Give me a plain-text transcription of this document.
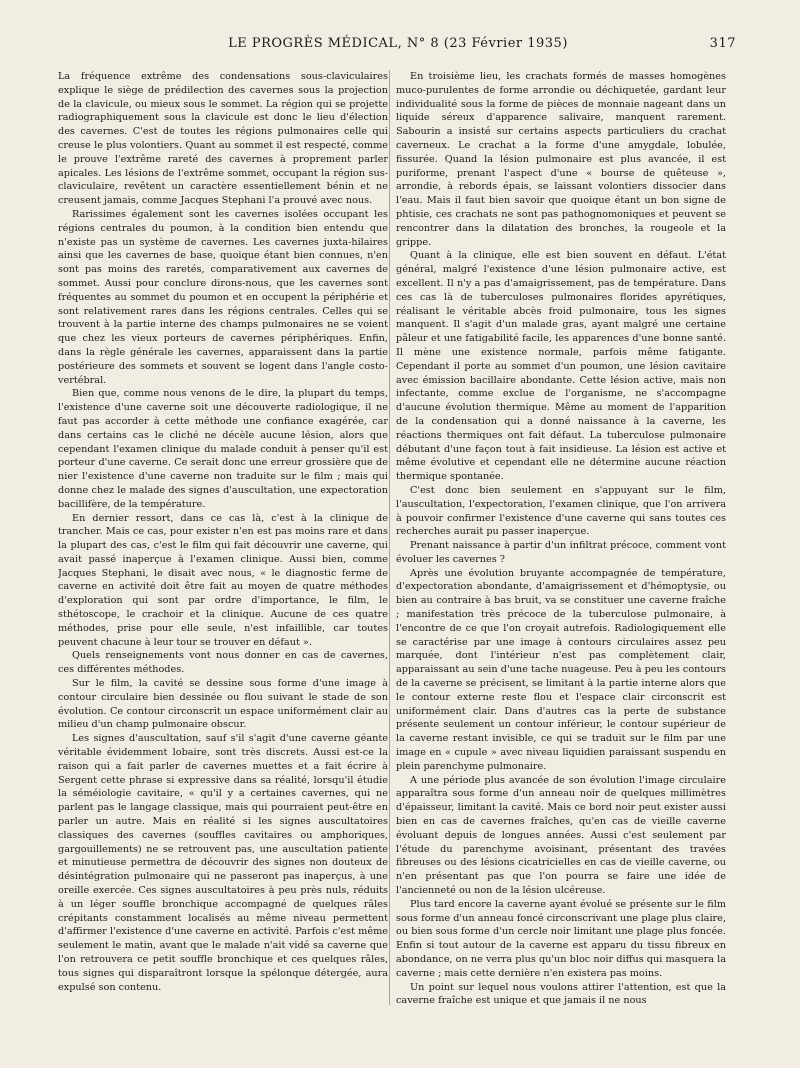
LE PROGRÈS MÉDICAL, N° 8 (23 Février 1935)	317

La fréquence extrême des condensations sous-claviculaires explique le siège de prédilection des cavernes sous la projection de la clavicule, ou mieux sous le sommet. La région qui se projette radiographiquement sous la clavicule est donc le lieu d'élection des cavernes. C'est de toutes les régions pulmonaires celle qui creuse le plus volontiers. Quant au sommet il est respecté, comme le prouve l'extrême rareté des cavernes à proprement parler apicales. Les lésions de l'extrême sommet, occupant la région sus-claviculaire, revêtent un caractère essentiellement bénin et ne creusent jamais, comme Jacques Stephani l'a prouvé avec nous.

Rarissimes également sont les cavernes isolées occupant les régions centrales du poumon, à la condition bien entendu que n'existe pas un système de cavernes. Les cavernes juxta-hilaires ainsi que les cavernes de base, quoique étant bien connues, n'en sont pas moins des raretés, comparativement aux cavernes de sommet. Aussi pour conclure dirons-nous, que les cavernes sont fréquentes au sommet du poumon et en occupent la périphérie et sont relativement rares dans les régions centrales. Celles qui se trouvent à la partie interne des champs pulmonaires ne se voient que chez les vieux porteurs de cavernes périphériques. Enfin, dans la règle générale les cavernes, apparaissent dans la partie postérieure des sommets et souvent se logent dans l'angle costo-vertébral.

Bien que, comme nous venons de le dire, la plupart du temps, l'existence d'une caverne soit une découverte radiologique, il ne faut pas accorder à cette méthode une confiance exagérée, car dans certains cas le cliché ne décèle aucune lésion, alors que cependant l'examen clinique du malade conduit à penser qu'il est porteur d'une caverne. Ce serait donc une erreur grossière que de nier l'existence d'une caverne non traduite sur le film ; mais qui donne chez le malade des signes d'auscultation, une expectoration bacillifère, de la température.

En dernier ressort, dans ce cas là, c'est à la clinique de trancher. Mais ce cas, pour exister n'en est pas moins rare et dans la plupart des cas, c'est le film qui fait découvrir une caverne, qui avait passé inaperçue à l'examen clinique. Aussi bien, comme Jacques Stephani, le disait avec nous, « le diagnostic ferme de caverne en activité doit être fait au moyen de quatre méthodes d'exploration qui sont par ordre d'importance, le film, le sthétoscope, le crachoir et la clinique. Aucune de ces quatre méthodes, prise pour elle seule, n'est infaillible, car toutes peuvent chacune à leur tour se trouver en défaut ».

Quels renseignements vont nous donner en cas de cavernes, ces différentes méthodes.

Sur le film, la cavité se dessine sous forme d'une image à contour circulaire bien dessinée ou flou suivant le stade de son évolution. Ce contour circonscrit un espace uniformément clair au milieu d'un champ pulmonaire obscur.

Les signes d'auscultation, sauf s'il s'agit d'une caverne géante véritable évidemment lobaire, sont très discrets. Aussi est-ce la raison qui a fait parler de cavernes muettes et a fait écrire à Sergent cette phrase si expressive dans sa réalité, lorsqu'il étudie la séméiologie cavitaire, « qu'il y a certaines cavernes, qui ne parlent pas le langage classique, mais qui pourraient peut-être en parler un autre. Mais en réalité si les signes auscultatoires classiques des cavernes (souffles cavitaires ou amphoriques, gargouillements) ne se retrouvent pas, une auscultation patiente et minutieuse permettra de découvrir des signes non douteux de désintégration pulmonaire qui ne passeront pas inaperçus, à une oreille exercée. Ces signes auscultatoires à peu près nuls, réduits à un léger souffle bronchique accompagné de quelques râles crépitants constamment localisés au même niveau permettent d'affirmer l'existence d'une caverne en activité. Parfois c'est même seulement le matin, avant que le malade n'ait vidé sa caverne que l'on retrouvera ce petit souffle bronchique et ces quelques râles, tous signes qui disparaîtront lorsque la spélonque détergée, aura expulsé son contenu.

En troisième lieu, les crachats formés de masses homogènes muco-purulentes de forme arrondie ou déchiquetée, gardant leur individualité sous la forme de pièces de monnaie nageant dans un liquide séreux d'apparence salivaire, manquent rarement. Sabourin a insisté sur certains aspects particuliers du crachat caverneux. Le crachat a la forme d'une amygdale, lobulée, fissurée. Quand la lésion pulmonaire est plus avancée, il est puriforme, prenant l'aspect d'une « bourse de quêteuse », arrondie, à rebords épais, se laissant volontiers dissocier dans l'eau. Mais il faut bien savoir que quoique étant un bon signe de phtisie, ces crachats ne sont pas pathognomoniques et peuvent se rencontrer dans la dilatation des bronches, la rougeole et la grippe.

Quant à la clinique, elle est bien souvent en défaut. L'état général, malgré l'existence d'une lésion pulmonaire active, est excellent. Il n'y a pas d'amaigrissement, pas de température. Dans ces cas là de tuberculoses pulmonaires florides apyrétiques, réalisant le véritable abcès froid pulmonaire, tous les signes manquent. Il s'agit d'un malade gras, ayant malgré une certaine pâleur et une fatigabilité facile, les apparences d'une bonne santé. Il mène une existence normale, parfois même fatigante. Cependant il porte au sommet d'un poumon, une lésion cavitaire avec émission bacillaire abondante. Cette lésion active, mais non infectante, comme exclue de l'organisme, ne s'accompagne d'aucune évolution thermique. Même au moment de l'apparition de la condensation qui a donné naissance à la caverne, les réactions thermiques ont fait défaut. La tuberculose pulmonaire débutant d'une façon tout à fait insidieuse. La lésion est active et même évolutive et cependant elle ne détermine aucune réaction thermique spontanée.

C'est donc bien seulement en s'appuyant sur le film, l'auscultation, l'expectoration, l'examen clinique, que l'on arrivera à pouvoir confirmer l'existence d'une caverne qui sans toutes ces recherches aurait pu passer inaperçue.

Prenant naissance à partir d'un infiltrat précoce, comment vont évoluer les cavernes ?

Après une évolution bruyante accompagnée de température, d'expectoration abondante, d'amaigrissement et d'hémoptysie, ou bien au contraire à bas bruit, va se constituer une caverne fraîche ; manifestation très précoce de la tuberculose pulmonaire, à l'encontre de ce que l'on croyait autrefois. Radiologiquement elle se caractérise par une image à contours circulaires assez peu marquée, dont l'intérieur n'est pas complètement clair, apparaissant au sein d'une tache nuageuse. Peu à peu les contours de la caverne se précisent, se limitant à la partie interne alors que le contour externe reste flou et l'espace clair circonscrit est uniformément clair. Dans d'autres cas la perte de substance présente seulement un contour inférieur, le contour supérieur de la caverne restant invisible, ce qui se traduit sur le film par une image en « cupule » avec niveau liquidien paraissant suspendu en plein parenchyme pulmonaire.

A une période plus avancée de son évolution l'image circulaire apparaîtra sous forme d'un anneau noir de quelques millimètres d'épaisseur, limitant la cavité. Mais ce bord noir peut exister aussi bien en cas de cavernes fraîches, qu'en cas de vieille caverne évoluant depuis de longues années. Aussi c'est seulement par l'étude du parenchyme avoisinant, présentant des travées fibreuses ou des lésions cicatricielles en cas de vieille caverne, ou n'en présentant pas que l'on pourra se faire une idée de l'ancienneté ou non de la lésion ulcéreuse.

Plus tard encore la caverne ayant évolué se présente sur le film sous forme d'un anneau foncé circonscrivant une plage plus claire, ou bien sous forme d'un cercle noir limitant une plage plus foncée. Enfin si tout autour de la caverne est apparu du tissu fibreux en abondance, on ne verra plus qu'un bloc noir diffus qui masquera la caverne ; mais cette dernière n'en existera pas moins.

Un point sur lequel nous voulons attirer l'attention, est que la caverne fraîche est unique et que jamais il ne nous
